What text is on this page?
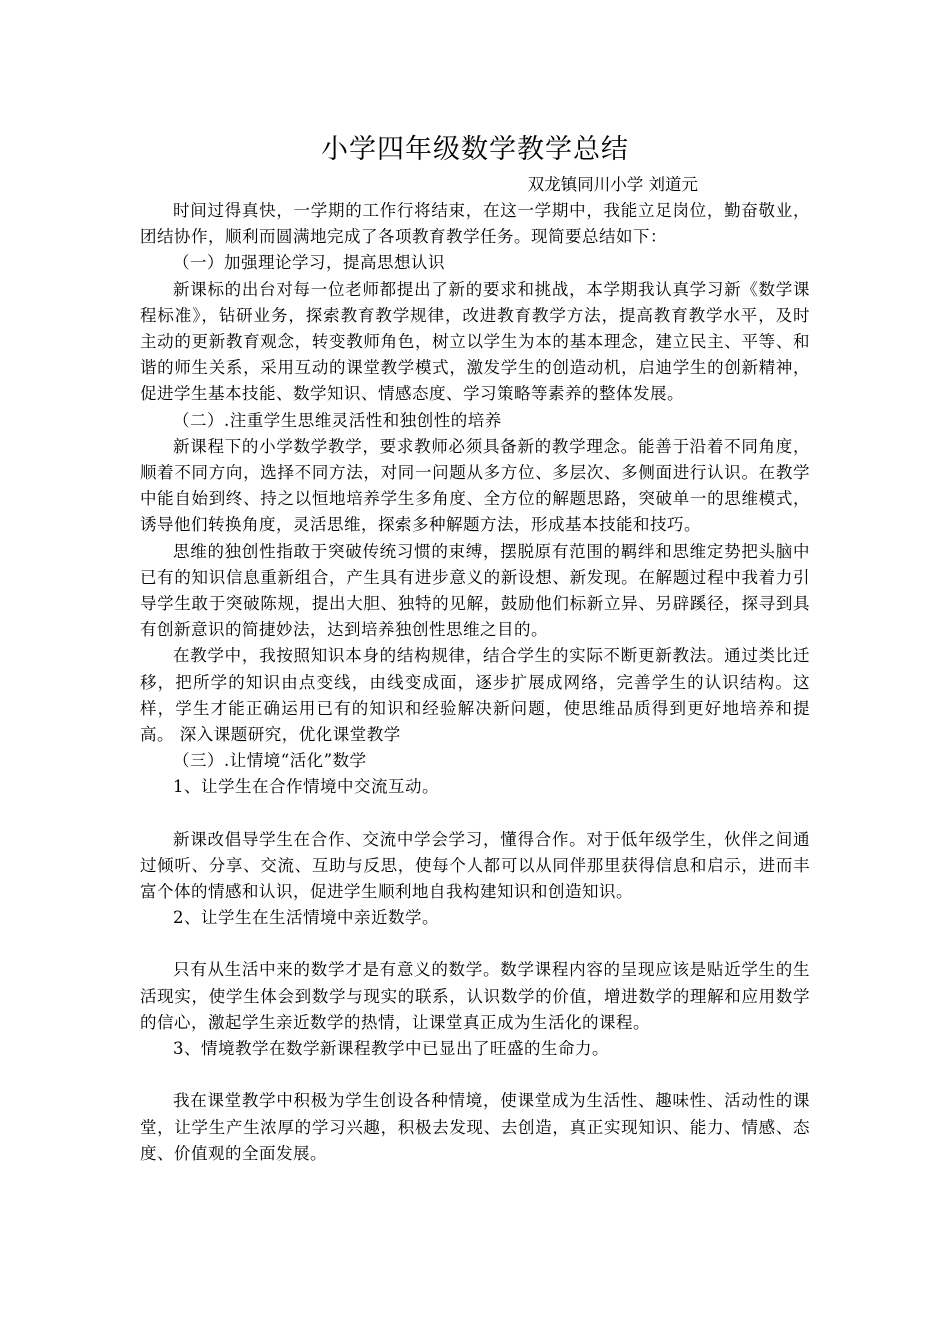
小学四年级数学教学总结
双龙镇同川小学 刘道元

时间过得真快，一学期的工作行将结束，在这一学期中，我能立足岗位，勤奋敬业，团结协作，顺利而圆满地完成了各项教育教学任务。现简要总结如下：

（一）加强理论学习，提高思想认识

新课标的出台对每一位老师都提出了新的要求和挑战，本学期我认真学习新《数学课程标准》，钻研业务，探索教育教学规律，改进教育教学方法，提高教育教学水平，及时主动的更新教育观念，转变教师角色，树立以学生为本的基本理念，建立民主、平等、和谐的师生关系，采用互动的课堂教学模式，激发学生的创造动机，启迪学生的创新精神，促进学生基本技能、数学知识、情感态度、学习策略等素养的整体发展。

（二）.注重学生思维灵活性和独创性的培养

新课程下的小学数学教学，要求教师必须具备新的教学理念。能善于沿着不同角度，顺着不同方向，选择不同方法，对同一问题从多方位、多层次、多侧面进行认识。在教学中能自始到终、持之以恒地培养学生多角度、全方位的解题思路，突破单一的思维模式，诱导他们转换角度，灵活思维，探索多种解题方法，形成基本技能和技巧。

思维的独创性指敢于突破传统习惯的束缚，摆脱原有范围的羁绊和思维定势把头脑中已有的知识信息重新组合，产生具有进步意义的新设想、新发现。在解题过程中我着力引导学生敢于突破陈规，提出大胆、独特的见解，鼓励他们标新立异、另辟蹊径，探寻到具有创新意识的简捷妙法，达到培养独创性思维之目的。

在教学中，我按照知识本身的结构规律，结合学生的实际不断更新教法。通过类比迁移，把所学的知识由点变线，由线变成面，逐步扩展成网络，完善学生的认识结构。这样，学生才能正确运用已有的知识和经验解决新问题，使思维品质得到更好地培养和提高。 深入课题研究，优化课堂教学

（三）.让情境“活化”数学

1、让学生在合作情境中交流互动。

新课改倡导学生在合作、交流中学会学习，懂得合作。对于低年级学生，伙伴之间通过倾听、分享、交流、互助与反思，使每个人都可以从同伴那里获得信息和启示，进而丰富个体的情感和认识，促进学生顺利地自我构建知识和创造知识。

2、让学生在生活情境中亲近数学。

只有从生活中来的数学才是有意义的数学。数学课程内容的呈现应该是贴近学生的生活现实，使学生体会到数学与现实的联系，认识数学的价值，增进数学的理解和应用数学的信心，激起学生亲近数学的热情，让课堂真正成为生活化的课程。

3、情境教学在数学新课程教学中已显出了旺盛的生命力。

我在课堂教学中积极为学生创设各种情境，使课堂成为生活性、趣味性、活动性的课堂，让学生产生浓厚的学习兴趣，积极去发现、去创造，真正实现知识、能力、情感、态度、价值观的全面发展。
